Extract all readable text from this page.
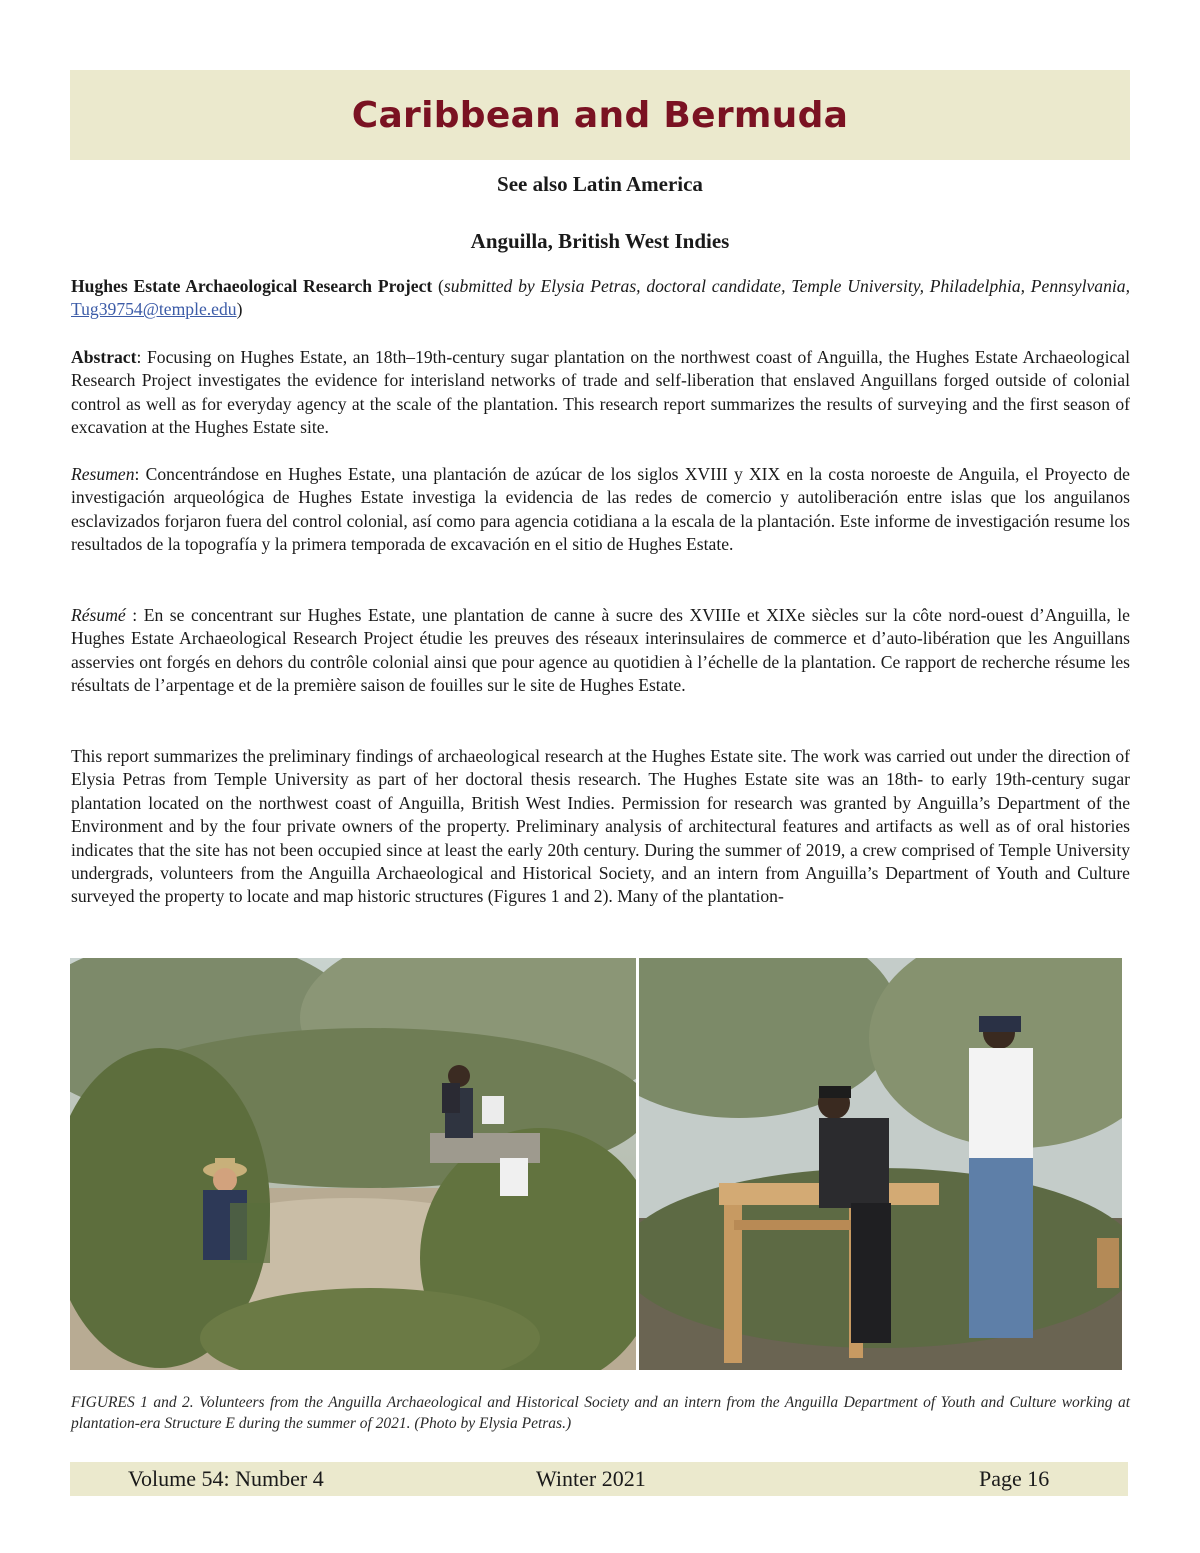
Caribbean and Bermuda

See also Latin America

Anguilla, British West Indies

Hughes Estate Archaeological Research Project (submitted by Elysia Petras, doctoral candidate, Temple University, Philadelphia, Pennsylvania, Tug39754@temple.edu)

Abstract: Focusing on Hughes Estate, an 18th–19th-century sugar plantation on the northwest coast of Anguilla, the Hughes Estate Archaeological Research Project investigates the evidence for interisland networks of trade and self-liberation that enslaved Anguillans forged outside of colonial control as well as for everyday agency at the scale of the plantation. This research report summarizes the results of surveying and the first season of excavation at the Hughes Estate site.

Resumen: Concentrándose en Hughes Estate, una plantación de azúcar de los siglos XVIII y XIX en la costa noroeste de Anguila, el Proyecto de investigación arqueológica de Hughes Estate investiga la evidencia de las redes de comercio y autoliberación entre islas que los anguilanos esclavizados forjaron fuera del control colonial, así como para agencia cotidiana a la escala de la plantación. Este informe de investigación resume los resultados de la topografía y la primera temporada de excavación en el sitio de Hughes Estate.

Résumé : En se concentrant sur Hughes Estate, une plantation de canne à sucre des XVIIIe et XIXe siècles sur la côte nord-ouest d’Anguilla, le Hughes Estate Archaeological Research Project étudie les preuves des réseaux interinsulaires de commerce et d’auto-libération que les Anguillans asservies ont forgés en dehors du contrôle colonial ainsi que pour agence au quotidien à l’échelle de la plantation. Ce rapport de recherche résume les résultats de l’arpentage et de la première saison de fouilles sur le site de Hughes Estate.

This report summarizes the preliminary findings of archaeological research at the Hughes Estate site. The work was carried out under the direction of Elysia Petras from Temple University as part of her doctoral thesis research. The Hughes Estate site was an 18th- to early 19th-century sugar plantation located on the northwest coast of Anguilla, British West Indies. Permission for research was granted by Anguilla’s Department of the Environment and by the four private owners of the property. Preliminary analysis of architectural features and artifacts as well as of oral histories indicates that the site has not been occupied since at least the early 20th century. During the summer of 2019, a crew comprised of Temple University undergrads, volunteers from the Anguilla Archaeological and Historical Society, and an intern from Anguilla’s Department of Youth and Culture surveyed the property to locate and map historic structures (Figures 1 and 2). Many of the plantation-

FIGURES 1 and 2. Volunteers from the Anguilla Archaeological and Historical Society and an intern from the Anguilla Department of Youth and Culture working at plantation-era Structure E during the summer of 2021. (Photo by Elysia Petras.)

Volume 54: Number 4	Winter 2021	Page 16
